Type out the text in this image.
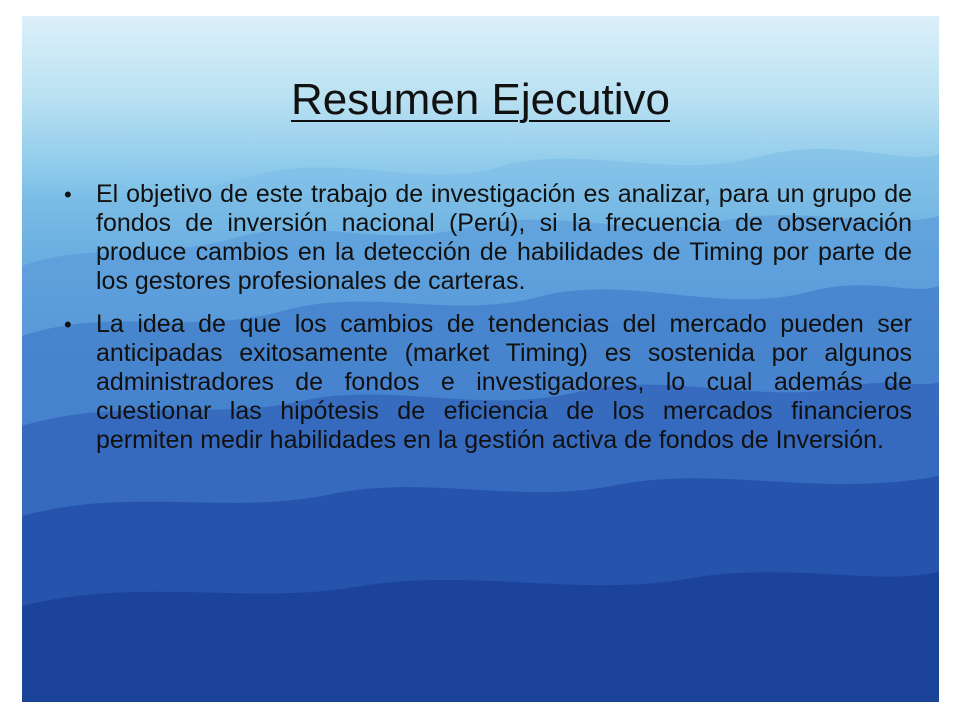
Resumen Ejecutivo
• El objetivo de este trabajo de investigación es analizar, para un grupo de fondos de inversión nacional (Perú), si la frecuencia de observación produce cambios en la detección de habilidades de Timing por parte de los gestores profesionales de carteras.
• La idea de que los cambios de tendencias del mercado pueden ser anticipadas exitosamente (market Timing) es sostenida por algunos administradores de fondos e investigadores, lo cual además de cuestionar las hipótesis de eficiencia de los mercados financieros permiten medir habilidades en la gestión activa de fondos de Inversión.
